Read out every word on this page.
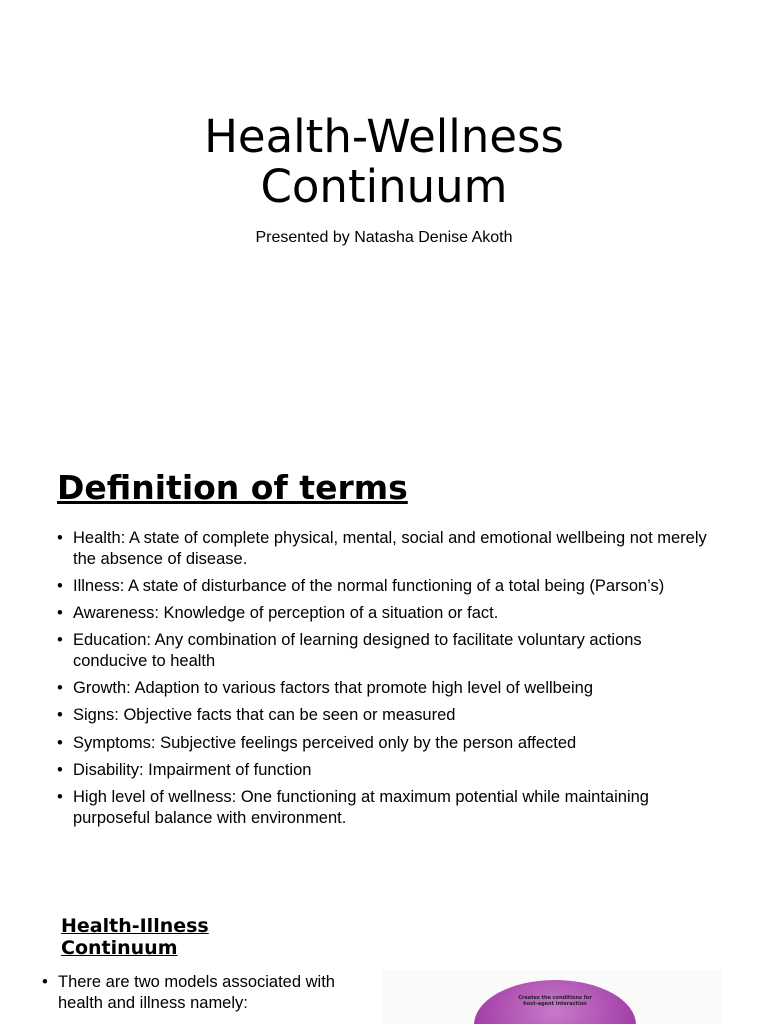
Health-Wellness
Continuum
Presented by Natasha Denise Akoth
Definition of terms
• Health: A state of complete physical, mental, social and emotional wellbeing not merely the absence of disease.
• Illness: A state of disturbance of the normal functioning of a total being (Parson’s)
• Awareness: Knowledge of perception of a situation or fact.
• Education: Any combination of learning designed to facilitate voluntary actions conducive to health
• Growth: Adaption to various factors that promote high level of wellbeing
• Signs: Objective facts that can be seen or measured
• Symptoms: Subjective feelings perceived only by the person affected
• Disability: Impairment of function
• High level of wellness: One functioning at maximum potential while maintaining purposeful balance with environment.
Health-Illness
Continuum
• There are two models associated with health and illness namely:	Creates the conditions for
host-agent interaction
